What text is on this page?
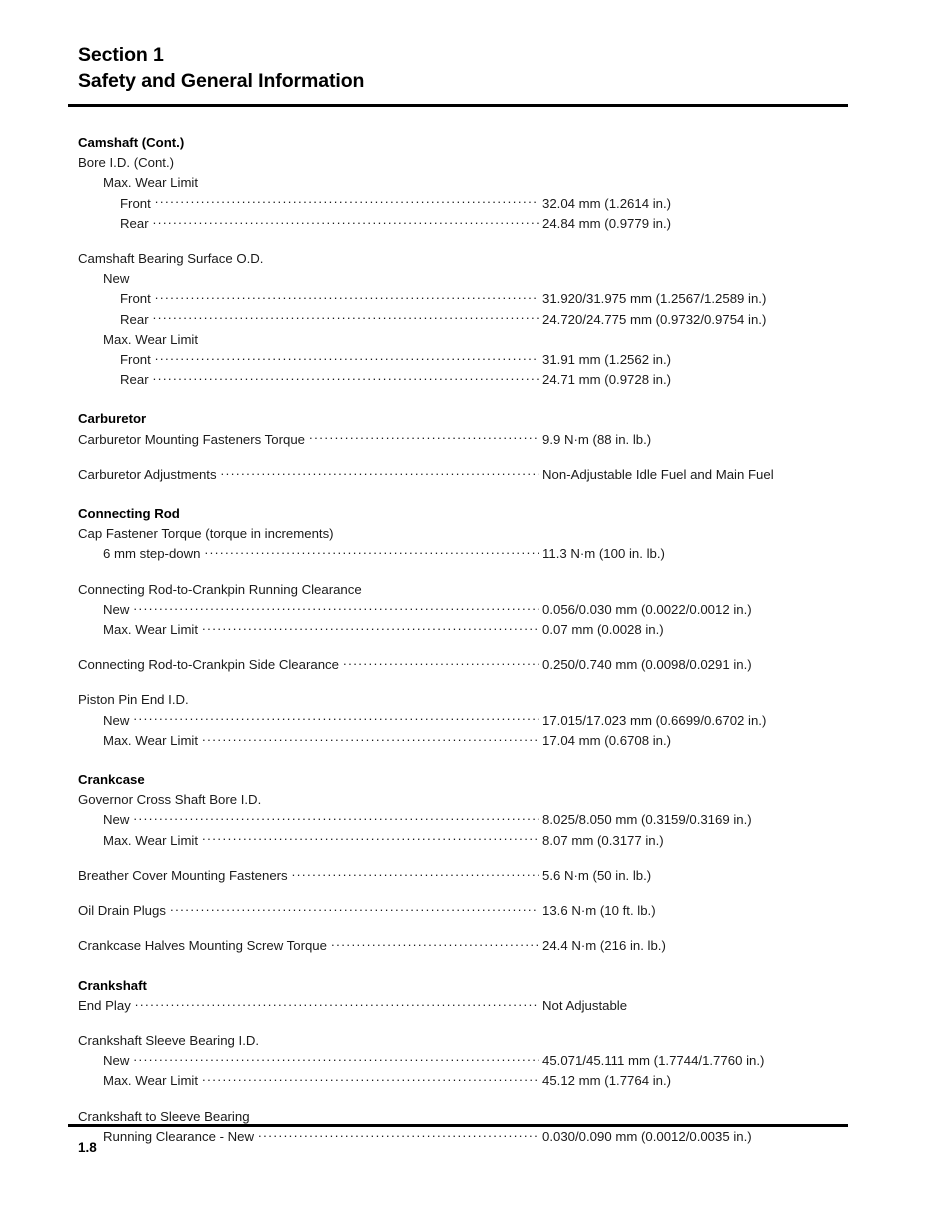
Section 1
Safety and General Information
Camshaft (Cont.)
Bore I.D. (Cont.)
Max. Wear Limit
Front .....	32.04 mm (1.2614 in.)
Rear .....	24.84 mm (0.9779 in.)
Camshaft Bearing Surface O.D.
New
Front .....	31.920/31.975 mm (1.2567/1.2589 in.)
Rear .....	24.720/24.775 mm (0.9732/0.9754 in.)
Max. Wear Limit
Front .....	31.91 mm (1.2562 in.)
Rear .....	24.71 mm (0.9728 in.)
Carburetor
Carburetor Mounting Fasteners Torque .....	9.9 N·m (88 in. lb.)
Carburetor Adjustments .....	Non-Adjustable Idle Fuel and Main Fuel
Connecting Rod
Cap Fastener Torque (torque in increments)
6 mm step-down .....	11.3 N·m (100 in. lb.)
Connecting Rod-to-Crankpin Running Clearance
New .....	0.056/0.030 mm (0.0022/0.0012 in.)
Max. Wear Limit .....	0.07 mm (0.0028 in.)
Connecting Rod-to-Crankpin Side Clearance .....	0.250/0.740 mm (0.0098/0.0291 in.)
Piston Pin End I.D.
New .....	17.015/17.023 mm (0.6699/0.6702 in.)
Max. Wear Limit .....	17.04 mm (0.6708 in.)
Crankcase
Governor Cross Shaft Bore I.D.
New .....	8.025/8.050 mm (0.3159/0.3169 in.)
Max. Wear Limit .....	8.07 mm (0.3177 in.)
Breather Cover Mounting Fasteners .....	5.6 N·m (50 in. lb.)
Oil Drain Plugs .....	13.6 N·m (10 ft. lb.)
Crankcase Halves Mounting Screw Torque .....	24.4 N·m (216 in. lb.)
Crankshaft
End Play .....	Not Adjustable
Crankshaft Sleeve Bearing I.D.
New .....	45.071/45.111 mm (1.7744/1.7760 in.)
Max. Wear Limit .....	45.12 mm (1.7764 in.)
Crankshaft to Sleeve Bearing
Running Clearance - New .....	0.030/0.090 mm (0.0012/0.0035 in.)
1.8
